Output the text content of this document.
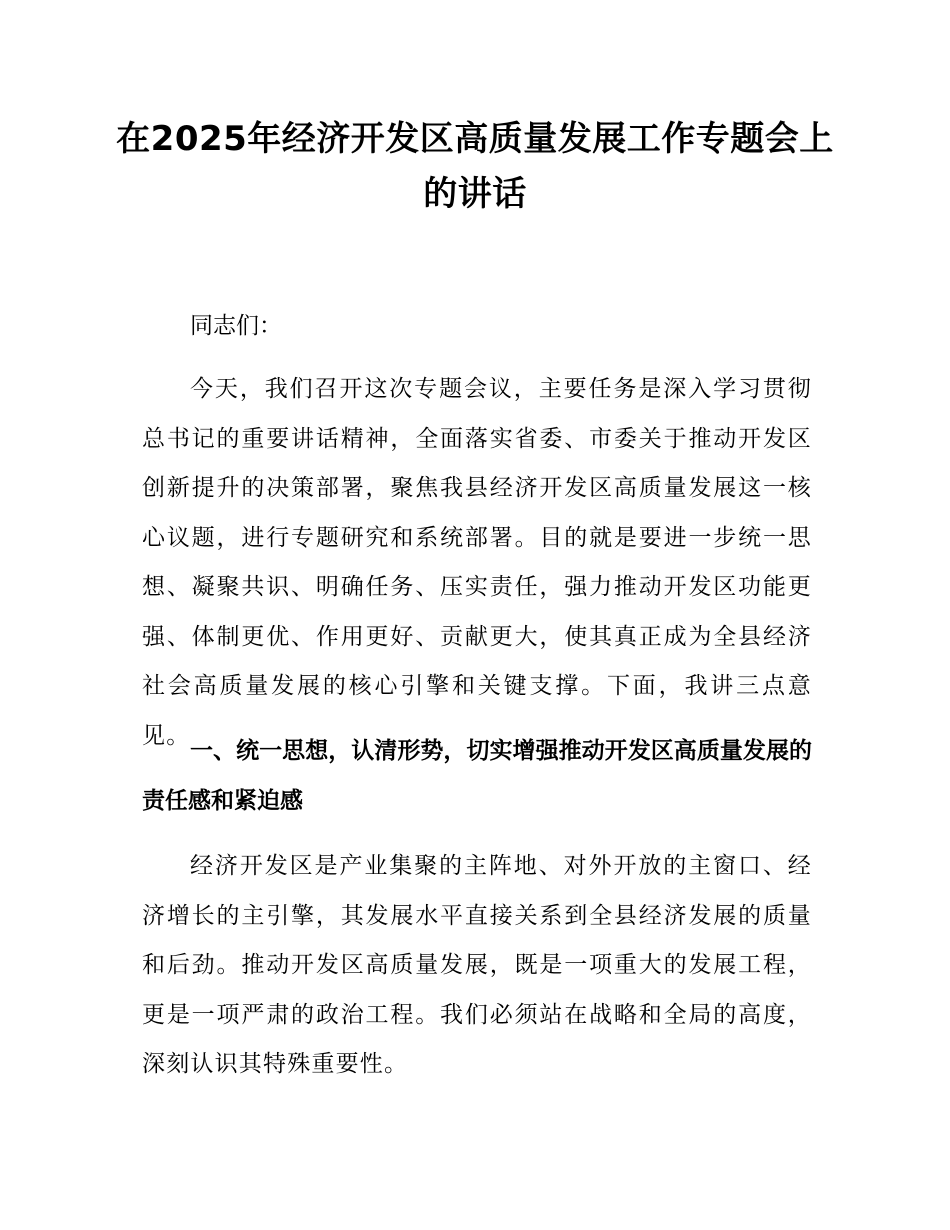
在2025年经济开发区高质量发展工作专题会上的讲话
同志们：
今天，我们召开这次专题会议，主要任务是深入学习贯彻总书记的重要讲话精神，全面落实省委、市委关于推动开发区创新提升的决策部署，聚焦我县经济开发区高质量发展这一核心议题，进行专题研究和系统部署。目的就是要进一步统一思想、凝聚共识、明确任务、压实责任，强力推动开发区功能更强、体制更优、作用更好、贡献更大，使其真正成为全县经济社会高质量发展的核心引擎和关键支撑。下面，我讲三点意见。
一、统一思想，认清形势，切实增强推动开发区高质量发展的责任感和紧迫感
经济开发区是产业集聚的主阵地、对外开放的主窗口、经济增长的主引擎，其发展水平直接关系到全县经济发展的质量和后劲。推动开发区高质量发展，既是一项重大的发展工程，更是一项严肃的政治工程。我们必须站在战略和全局的高度，深刻认识其特殊重要性。
